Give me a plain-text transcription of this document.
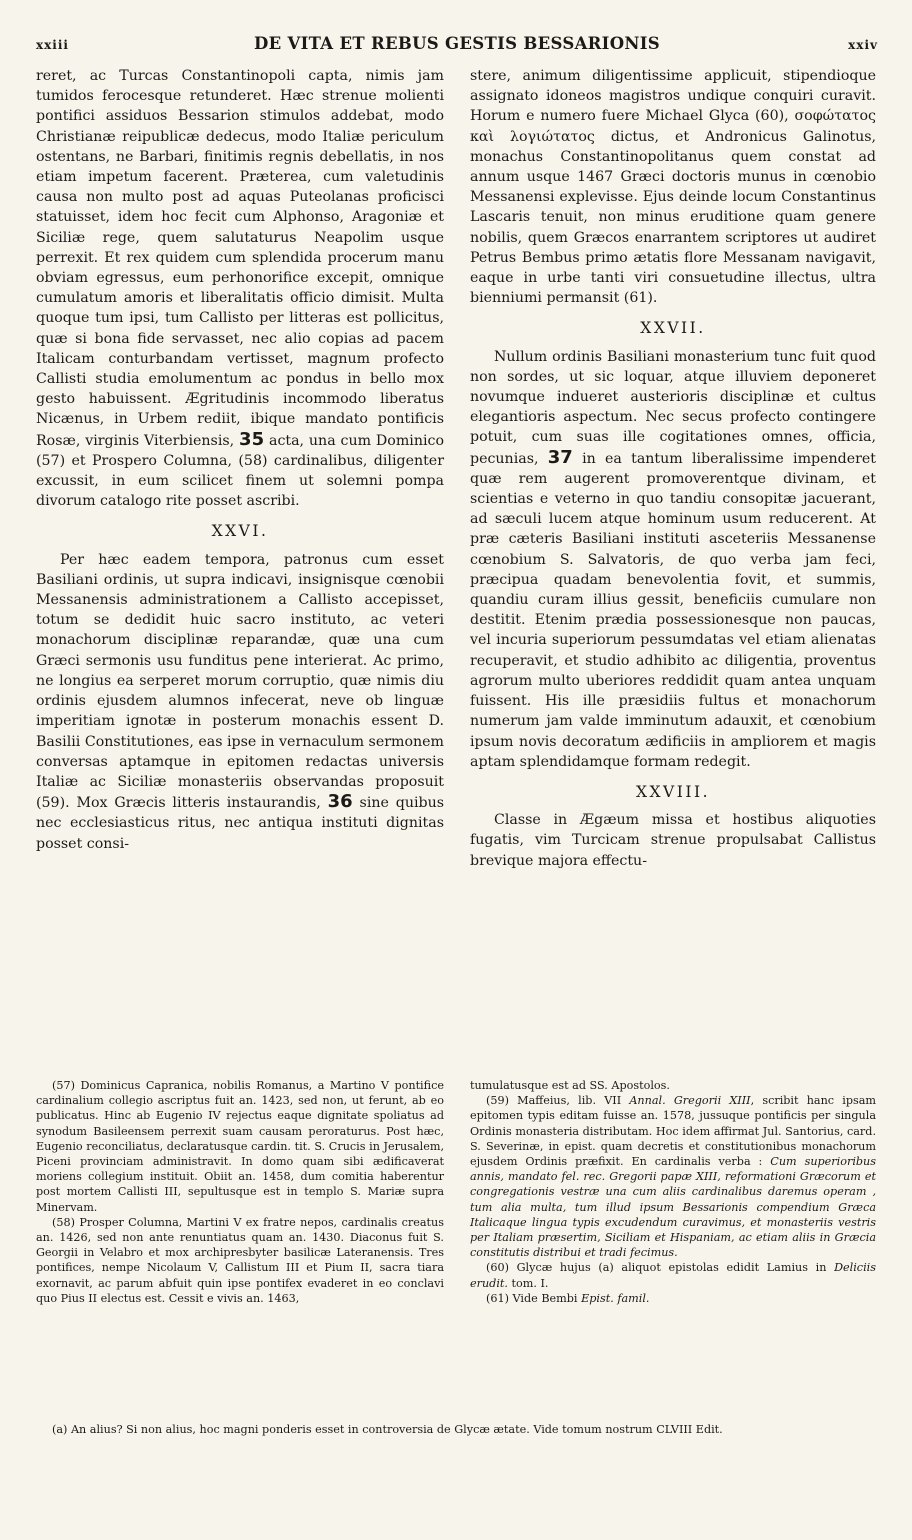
xxiii	DE VITA ET REBUS GESTIS BESSARIONIS	xxiv

reret, ac Turcas Constantinopoli capta, nimis jam tumidos ferocesque retunderet. Hæc strenue molienti pontifici assiduos Bessarion stimulos addebat, modo Christianæ reipublicæ dedecus, modo Italiæ periculum ostentans, ne Barbari, finitimis regnis debellatis, in nos etiam impetum facerent. Præterea, cum valetudinis causa non multo post ad aquas Puteolanas proficisci statuisset, idem hoc fecit cum Alphonso, Aragoniæ et Siciliæ rege, quem salutaturus Neapolim usque perrexit. Et rex quidem cum splendida procerum manu obviam egressus, eum perhonorifice excepit, omnique cumulatum amoris et liberalitatis officio dimisit. Multa quoque tum ipsi, tum Callisto per litteras est pollicitus, quæ si bona fide servasset, nec alio copias ad pacem Italicam conturbandam vertisset, magnum profecto Callisti studia emolumentum ac pondus in bello mox gesto habuissent. Ægritudinis incommodo liberatus Nicænus, in Urbem rediit, ibique mandato pontificis Rosæ, virginis Viterbiensis, 35 acta, una cum Dominico (57) et Prospero Columna, (58) cardinalibus, diligenter excussit, in eum scilicet finem ut solemni pompa divorum catalogo rite posset ascribi.

XXVI.

Per hæc eadem tempora, patronus cum esset Basiliani ordinis, ut supra indicavi, insignisque cœnobii Messanensis administrationem a Callisto accepisset, totum se dedidit huic sacro instituto, ac veteri monachorum disciplinæ reparandæ, quæ una cum Græci sermonis usu funditus pene interierat. Ac primo, ne longius ea serperet morum corruptio, quæ nimis diu ordinis ejusdem alumnos infecerat, neve ob linguæ imperitiam ignotæ in posterum monachis essent D. Basilii Constitutiones, eas ipse in vernaculum sermonem conversas aptamque in epitomen redactas universis Italiæ ac Siciliæ monasteriis observandas proposuit (59). Mox Græcis litteris instaurandis, 36 sine quibus nec ecclesiasticus ritus, nec antiqua instituti dignitas posset consi-

stere, animum diligentissime applicuit, stipendioque assignato idoneos magistros undique conquiri curavit. Horum e numero fuere Michael Glyca (60), σοφώτατος καὶ λογιώτατος dictus, et Andronicus Galinotus, monachus Constantinopolitanus quem constat ad annum usque 1467 Græci doctoris munus in cœnobio Messanensi explevisse. Ejus deinde locum Constantinus Lascaris tenuit, non minus eruditione quam genere nobilis, quem Græcos enarrantem scriptores ut audiret Petrus Bembus primo ætatis flore Messanam navigavit, eaque in urbe tanti viri consuetudine illectus, ultra bienniumi permansit (61).

XXVII.

Nullum ordinis Basiliani monasterium tunc fuit quod non sordes, ut sic loquar, atque illuviem deponeret novumque indueret austerioris disciplinæ et cultus elegantioris aspectum. Nec secus profecto contingere potuit, cum suas ille cogitationes omnes, officia, pecunias, 37 in ea tantum liberalissime impenderet quæ rem augerent promoverentque divinam, et scientias e veterno in quo tandiu consopitæ jacuerant, ad sæculi lucem atque hominum usum reducerent. At præ cæteris Basiliani instituti asceteriis Messanense cœnobium S. Salvatoris, de quo verba jam feci, præcipua quadam benevolentia fovit, et summis, quandiu curam illius gessit, beneficiis cumulare non destitit. Etenim prædia possessionesque non paucas, vel incuria superiorum pessumdatas vel etiam alienatas recuperavit, et studio adhibito ac diligentia, proventus agrorum multo uberiores reddidit quam antea unquam fuissent. His ille præsidiis fultus et monachorum numerum jam valde imminutum adauxit, et cœnobium ipsum novis decoratum ædificiis in ampliorem et magis aptam splendidamque formam redegit.

XXVIII.

Classe in Ægæum missa et hostibus aliquoties fugatis, vim Turcicam strenue propulsabat Callistus brevique majora effectu-

(57) Dominicus Capranica, nobilis Romanus, a Martino V pontifice cardinalium collegio ascriptus fuit an. 1423, sed non, ut ferunt, ab eo publicatus. Hinc ab Eugenio IV rejectus eaque dignitate spoliatus ad synodum Basileensem perrexit suam causam peroraturus. Post hæc, Eugenio reconciliatus, declaratusque cardin. tit. S. Crucis in Jerusalem, Piceni provinciam administravit. In domo quam sibi ædificaverat moriens collegium instituit. Obiit an. 1458, dum comitia haberentur post mortem Callisti III, sepultusque est in templo S. Mariæ supra Minervam.

(58) Prosper Columna, Martini V ex fratre nepos, cardinalis creatus an. 1426, sed non ante renuntiatus quam an. 1430. Diaconus fuit S. Georgii in Velabro et mox archipresbyter basilicæ Lateranensis. Tres pontifices, nempe Nicolaum V, Callistum III et Pium II, sacra tiara exornavit, ac parum abfuit quin ipse pontifex evaderet in eo conclavi quo Pius II electus est. Cessit e vivis an. 1463,

tumulatusque est ad SS. Apostolos.

(59) Maffeius, lib. VII Annal. Gregorii XIII, scribit hanc ipsam epitomen typis editam fuisse an. 1578, jussuque pontificis per singula Ordinis monasteria distributam. Hoc idem affirmat Jul. Santorius, card. S. Severinæ, in epist. quam decretis et constitutionibus monachorum ejusdem Ordinis præfixit. En cardinalis verba : Cum superioribus annis, mandato fel. rec. Gregorii papæ XIII, reformationi Græcorum et congregationis vestræ una cum aliis cardinalibus daremus operam , tum alia multa, tum illud ipsum Bessarionis compendium Græca Italicaque lingua typis excudendum curavimus, et monasteriis vestris per Italiam præsertim, Siciliam et Hispaniam, ac etiam aliis in Græcia constitutis distribui et tradi fecimus.

(60) Glycæ hujus (a) aliquot epistolas edidit Lamius in Deliciis erudit. tom. I.

(61) Vide Bembi Epist. famil.

(a) An alius? Si non alius, hoc magni ponderis esset in controversia de Glycæ ætate. Vide tomum nostrum CLVIII Edit.
